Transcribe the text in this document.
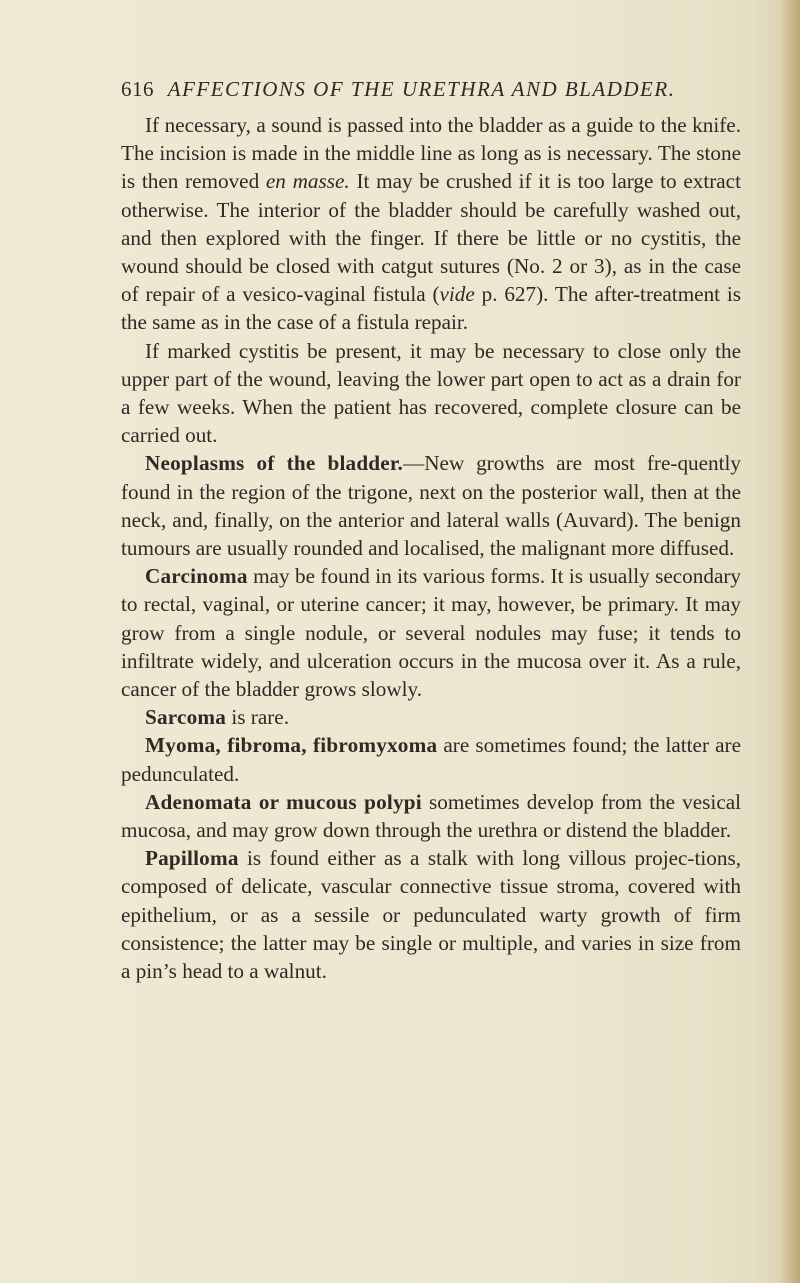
616 AFFECTIONS OF THE URETHRA AND BLADDER.

If necessary, a sound is passed into the bladder as a guide to the knife. The incision is made in the middle line as long as is necessary. The stone is then removed en masse. It may be crushed if it is too large to extract otherwise. The interior of the bladder should be carefully washed out, and then explored with the finger. If there be little or no cystitis, the wound should be closed with catgut sutures (No. 2 or 3), as in the case of repair of a vesico-vaginal fistula (vide p. 627). The after-treatment is the same as in the case of a fistula repair.

If marked cystitis be present, it may be necessary to close only the upper part of the wound, leaving the lower part open to act as a drain for a few weeks. When the patient has recovered, complete closure can be carried out.

Neoplasms of the bladder.—New growths are most fre-quently found in the region of the trigone, next on the posterior wall, then at the neck, and, finally, on the anterior and lateral walls (Auvard). The benign tumours are usually rounded and localised, the malignant more diffused.

Carcinoma may be found in its various forms. It is usually secondary to rectal, vaginal, or uterine cancer; it may, however, be primary. It may grow from a single nodule, or several nodules may fuse; it tends to infiltrate widely, and ulceration occurs in the mucosa over it. As a rule, cancer of the bladder grows slowly.

Sarcoma is rare.

Myoma, fibroma, fibromyxoma are sometimes found; the latter are pedunculated.

Adenomata or mucous polypi sometimes develop from the vesical mucosa, and may grow down through the urethra or distend the bladder.

Papilloma is found either as a stalk with long villous projec-tions, composed of delicate, vascular connective tissue stroma, covered with epithelium, or as a sessile or pedunculated warty growth of firm consistence; the latter may be single or multiple, and varies in size from a pin’s head to a walnut.
